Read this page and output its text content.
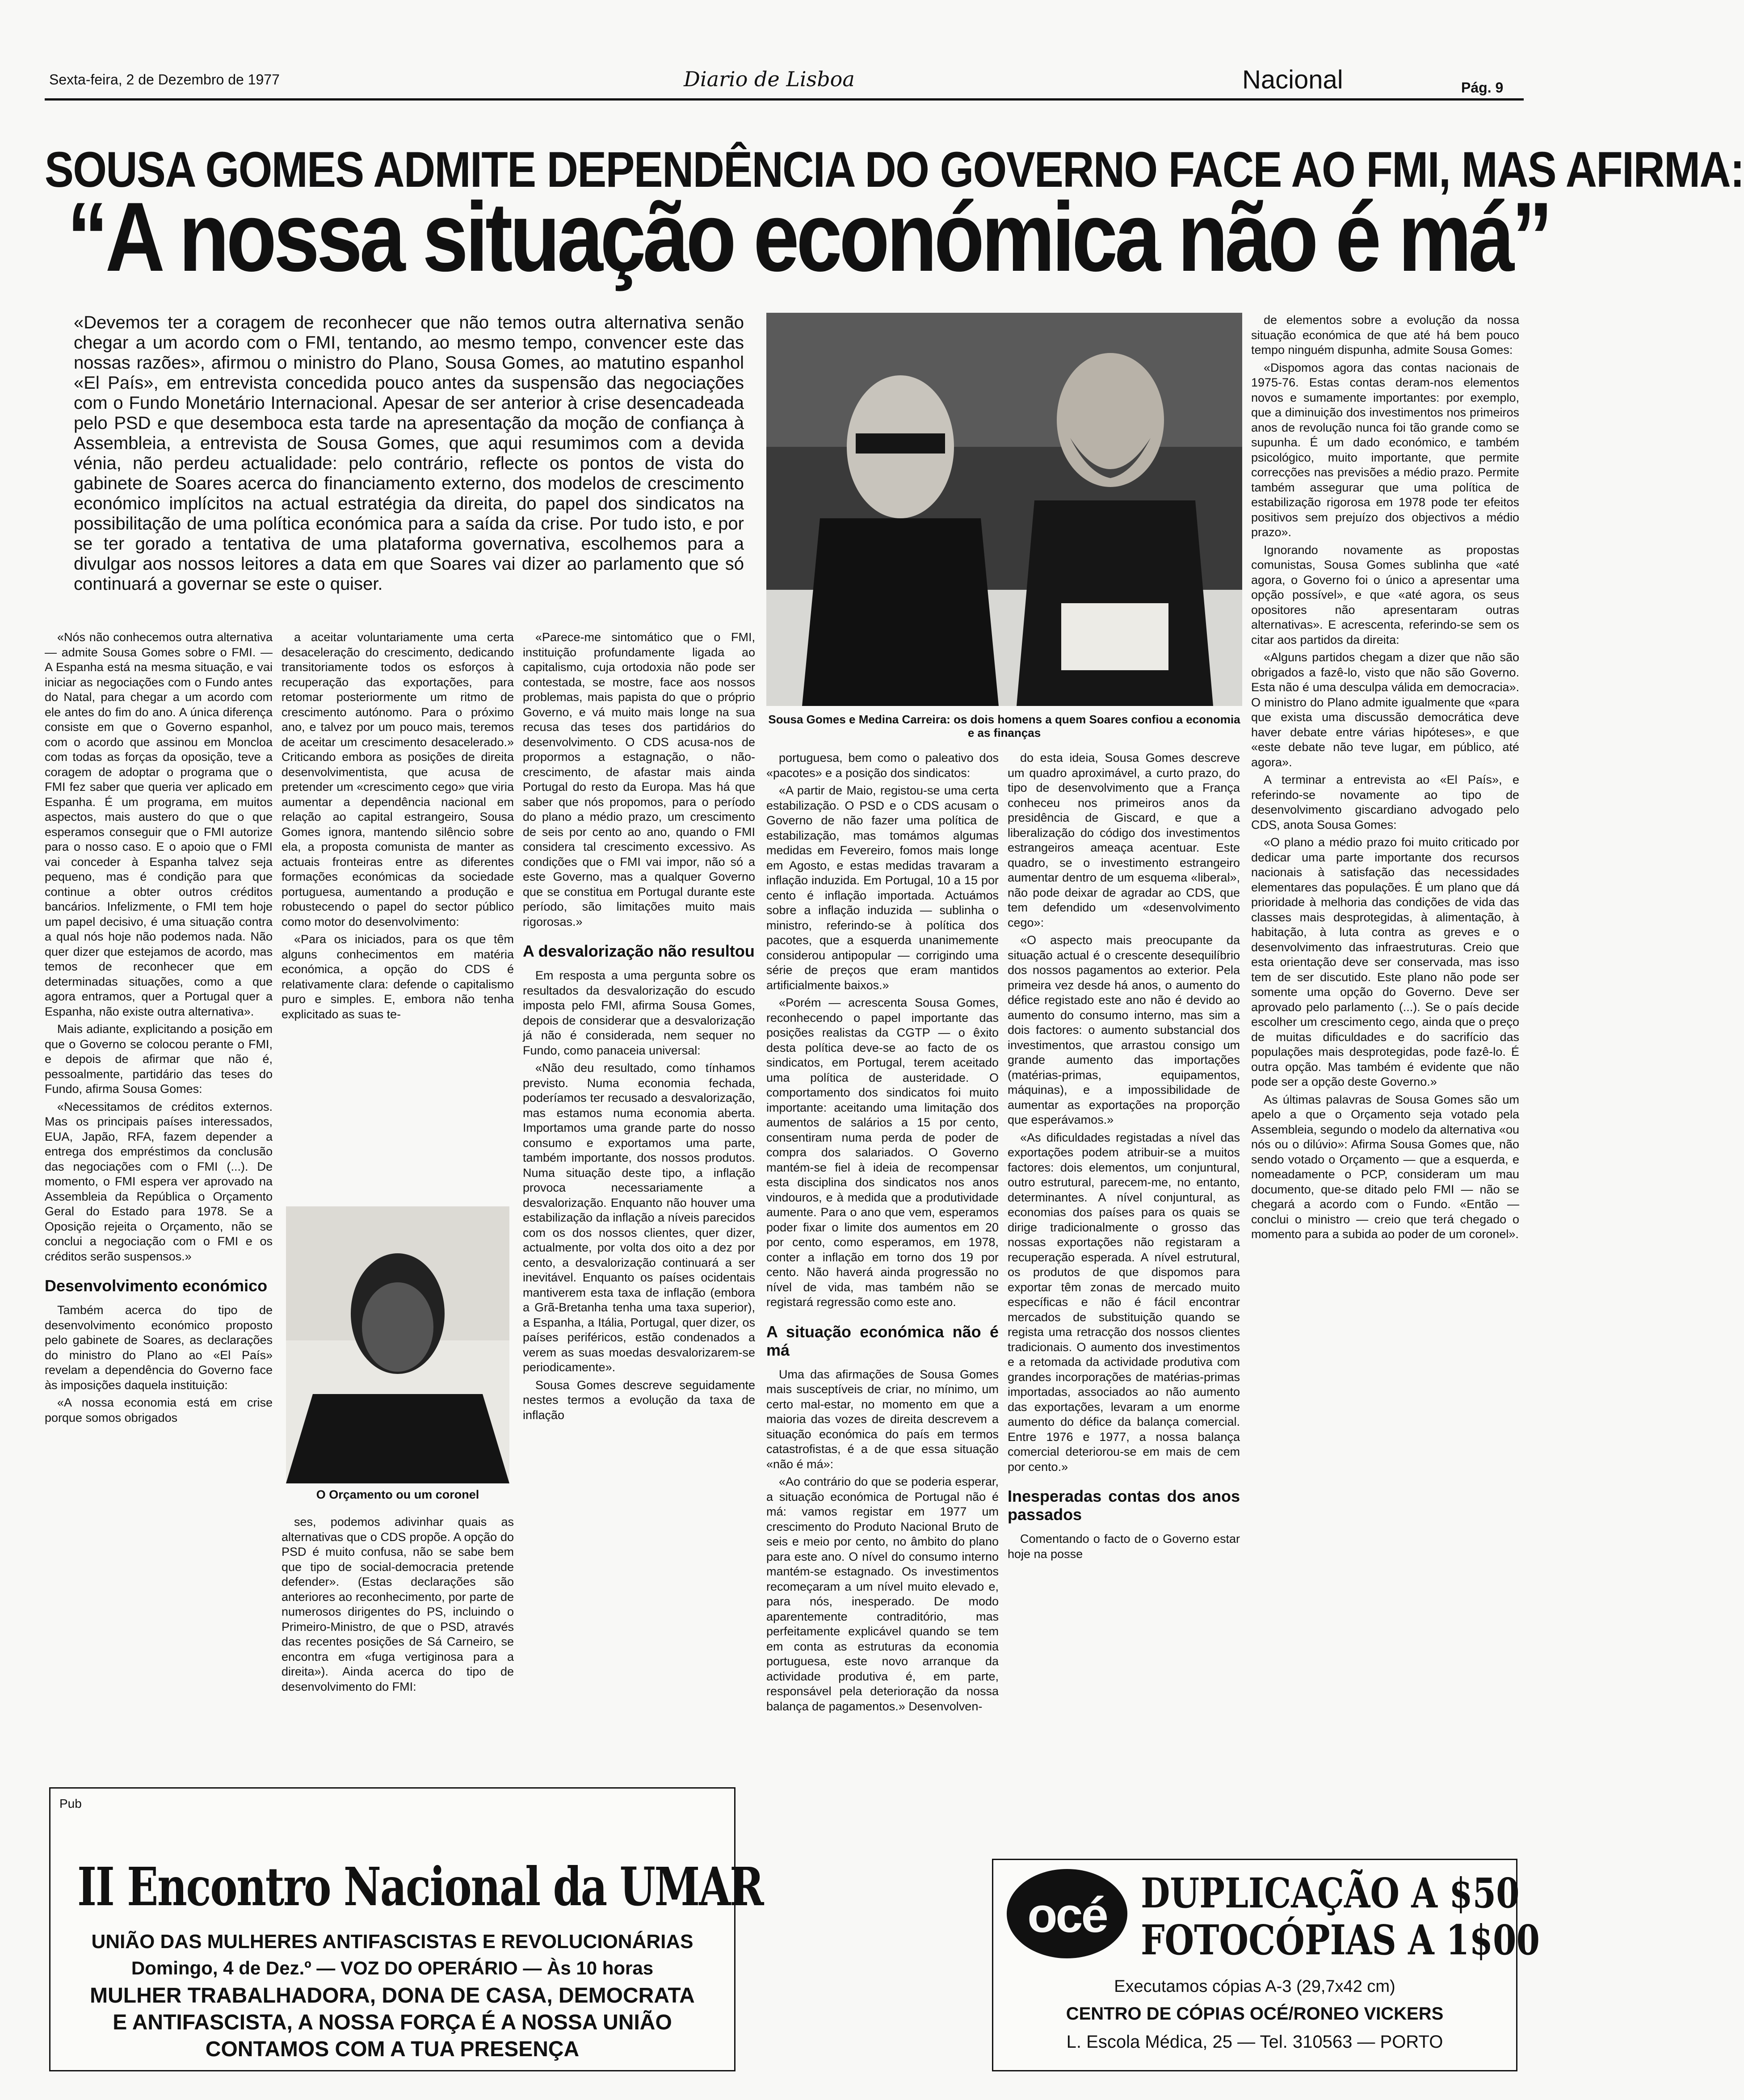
Sexta-feira, 2 de Dezembro de 1977	Diario de Lisboa	Nacional	Pág. 9
SOUSA GOMES ADMITE DEPENDÊNCIA DO GOVERNO FACE AO FMI, MAS AFIRMA:
“A nossa situação económica não é má”
«Devemos ter a coragem de reconhecer que não temos outra alternativa senão chegar a um acordo com o FMI, tentando, ao mesmo tempo, convencer este das nossas razões», afirmou o ministro do Plano, Sousa Gomes, ao matutino espanhol «El País», em entrevista concedida pouco antes da suspensão das negociações com o Fundo Monetário Internacional. Apesar de ser anterior à crise desencadeada pelo PSD e que desemboca esta tarde na apresentação da moção de confiança à Assembleia, a entrevista de Sousa Gomes, que aqui resumimos com a devida vénia, não perdeu actualidade: pelo contrário, reflecte os pontos de vista do gabinete de Soares acerca do financiamento externo, dos modelos de crescimento económico implícitos na actual estratégia da direita, do papel dos sindicatos na possibilitação de uma política económica para a saída da crise. Por tudo isto, e por se ter gorado a tentativa de uma plataforma governativa, escolhemos para a divulgar aos nossos leitores a data em que Soares vai dizer ao parlamento que só continuará a governar se este o quiser.
Sousa Gomes e Medina Carreira: os dois homens a quem Soares confiou a economia e as finanças

«Nós não conhecemos outra alternativa — admite Sousa Gomes sobre o FMI. — A Espanha está na mesma situação, e vai iniciar as negociações com o Fundo antes do Natal, para chegar a um acordo com ele antes do fim do ano. A única diferença consiste em que o Governo espanhol, com o acordo que assinou em Moncloa com todas as forças da oposição, teve a coragem de adoptar o programa que o FMI fez saber que queria ver aplicado em Espanha. É um programa, em muitos aspectos, mais austero do que o que esperamos conseguir que o FMI autorize para o nosso caso. E o apoio que o FMI vai conceder à Espanha talvez seja pequeno, mas é condição para que continue a obter outros créditos bancários. Infelizmente, o FMI tem hoje um papel decisivo, é uma situação contra a qual nós hoje não podemos nada. Não quer dizer que estejamos de acordo, mas temos de reconhecer que em determinadas situações, como a que agora entramos, quer a Portugal quer a Espanha, não existe outra alternativa».

Mais adiante, explicitando a posição em que o Governo se colocou perante o FMI, e depois de afirmar que não é, pessoalmente, partidário das teses do Fundo, afirma Sousa Gomes:

«Necessitamos de créditos externos. Mas os principais países interessados, EUA, Japão, RFA, fazem depender a entrega dos empréstimos da conclusão das negociações com o FMI (...). De momento, o FMI espera ver aprovado na Assembleia da República o Orçamento Geral do Estado para 1978. Se a Oposição rejeita o Orçamento, não se conclui a negociação com o FMI e os créditos serão suspensos.»

Desenvolvimento económico

Também acerca do tipo de desenvolvimento económico proposto pelo gabinete de Soares, as declarações do ministro do Plano ao «El País» revelam a dependência do Governo face às imposições daquela instituição:

«A nossa economia está em crise porque somos obrigados

a aceitar voluntariamente uma certa desaceleração do crescimento, dedicando transitoriamente todos os esforços à recuperação das exportações, para retomar posteriormente um ritmo de crescimento autónomo. Para o próximo ano, e talvez por um pouco mais, teremos de aceitar um crescimento desacelerado.» Criticando embora as posições de direita desenvolvimentista, que acusa de pretender um «crescimento cego» que viria aumentar a dependência nacional em relação ao capital estrangeiro, Sousa Gomes ignora, mantendo silêncio sobre ela, a proposta comunista de manter as actuais fronteiras entre as diferentes formações económicas da sociedade portuguesa, aumentando a produção e robustecendo o papel do sector público como motor do desenvolvimento:

«Para os iniciados, para os que têm alguns conhecimentos em matéria económica, a opção do CDS é relativamente clara: defende o capitalismo puro e simples. E, embora não tenha explicitado as suas te-

O Orçamento ou um coronel

ses, podemos adivinhar quais as alternativas que o CDS propõe. A opção do PSD é muito confusa, não se sabe bem que tipo de social-democracia pretende defender». (Estas declarações são anteriores ao reconhecimento, por parte de numerosos dirigentes do PS, incluindo o Primeiro-Ministro, de que o PSD, através das recentes posições de Sá Carneiro, se encontra em «fuga vertiginosa para a direita»). Ainda acerca do tipo de desenvolvimento do FMI:

«Parece-me sintomático que o FMI, instituição profundamente ligada ao capitalismo, cuja ortodoxia não pode ser contestada, se mostre, face aos nossos problemas, mais papista do que o próprio Governo, e vá muito mais longe na sua recusa das teses dos partidários do desenvolvimento. O CDS acusa-nos de propormos a estagnação, o não-crescimento, de afastar mais ainda Portugal do resto da Europa. Mas há que saber que nós propomos, para o período do plano a médio prazo, um crescimento de seis por cento ao ano, quando o FMI considera tal crescimento excessivo. As condições que o FMI vai impor, não só a este Governo, mas a qualquer Governo que se constitua em Portugal durante este período, são limitações muito mais rigorosas.»

A desvalorização não resultou

Em resposta a uma pergunta sobre os resultados da desvalorização do escudo imposta pelo FMI, afirma Sousa Gomes, depois de considerar que a desvalorização já não é considerada, nem sequer no Fundo, como panaceia universal:

«Não deu resultado, como tínhamos previsto. Numa economia fechada, poderíamos ter recusado a desvalorização, mas estamos numa economia aberta. Importamos uma grande parte do nosso consumo e exportamos uma parte, também importante, dos nossos produtos. Numa situação deste tipo, a inflação provoca necessariamente a desvalorização. Enquanto não houver uma estabilização da inflação a níveis parecidos com os dos nossos clientes, quer dizer, actualmente, por volta dos oito a dez por cento, a desvalorização continuará a ser inevitável. Enquanto os países ocidentais mantiverem esta taxa de inflação (embora a Grã-Bretanha tenha uma taxa superior), a Espanha, a Itália, Portugal, quer dizer, os países periféricos, estão condenados a verem as suas moedas desvalorizarem-se periodicamente».

Sousa Gomes descreve seguidamente nestes termos a evolução da taxa de inflação

portuguesa, bem como o paleativo dos «pacotes» e a posição dos sindicatos:

«A partir de Maio, registou-se uma certa estabilização. O PSD e o CDS acusam o Governo de não fazer uma política de estabilização, mas tomámos algumas medidas em Fevereiro, fomos mais longe em Agosto, e estas medidas travaram a inflação induzida. Em Portugal, 10 a 15 por cento é inflação importada. Actuámos sobre a inflação induzida — sublinha o ministro, referindo-se à política dos pacotes, que a esquerda unanimemente considerou antipopular — corrigindo uma série de preços que eram mantidos artificialmente baixos.»

«Porém — acrescenta Sousa Gomes, reconhecendo o papel importante das posições realistas da CGTP — o êxito desta política deve-se ao facto de os sindicatos, em Portugal, terem aceitado uma política de austeridade. O comportamento dos sindicatos foi muito importante: aceitando uma limitação dos aumentos de salários a 15 por cento, consentiram numa perda de poder de compra dos salariados. O Governo mantém-se fiel à ideia de recompensar esta disciplina dos sindicatos nos anos vindouros, e à medida que a produtividade aumente. Para o ano que vem, esperamos poder fixar o limite dos aumentos em 20 por cento, como esperamos, em 1978, conter a inflação em torno dos 19 por cento. Não haverá ainda progressão no nível de vida, mas também não se registará regressão como este ano.

A situação económica não é má

Uma das afirmações de Sousa Gomes mais susceptíveis de criar, no mínimo, um certo mal-estar, no momento em que a maioria das vozes de direita descrevem a situação económica do país em termos catastrofistas, é a de que essa situação «não é má»:

«Ao contrário do que se poderia esperar, a situação económica de Portugal não é má: vamos registar em 1977 um crescimento do Produto Nacional Bruto de seis e meio por cento, no âmbito do plano para este ano. O nível do consumo interno mantém-se estagnado. Os investimentos recomeçaram a um nível muito elevado e, para nós, inesperado. De modo aparentemente contraditório, mas perfeitamente explicável quando se tem em conta as estruturas da economia portuguesa, este novo arranque da actividade produtiva é, em parte, responsável pela deterioração da nossa balança de pagamentos.» Desenvolven-

do esta ideia, Sousa Gomes descreve um quadro aproximável, a curto prazo, do tipo de desenvolvimento que a França conheceu nos primeiros anos da presidência de Giscard, e que a liberalização do código dos investimentos estrangeiros ameaça acentuar. Este quadro, se o investimento estrangeiro aumentar dentro de um esquema «liberal», não pode deixar de agradar ao CDS, que tem defendido um «desenvolvimento cego»:

«O aspecto mais preocupante da situação actual é o crescente desequilíbrio dos nossos pagamentos ao exterior. Pela primeira vez desde há anos, o aumento do défice registado este ano não é devido ao aumento do consumo interno, mas sim a dois factores: o aumento substancial dos investimentos, que arrastou consigo um grande aumento das importações (matérias-primas, equipamentos, máquinas), e a impossibilidade de aumentar as exportações na proporção que esperávamos.»

«As dificuldades registadas a nível das exportações podem atribuir-se a muitos factores: dois elementos, um conjuntural, outro estrutural, parecem-me, no entanto, determinantes. A nível conjuntural, as economias dos países para os quais se dirige tradicionalmente o grosso das nossas exportações não registaram a recuperação esperada. A nível estrutural, os produtos de que dispomos para exportar têm zonas de mercado muito específicas e não é fácil encontrar mercados de substituição quando se regista uma retracção dos nossos clientes tradicionais. O aumento dos investimentos e a retomada da actividade produtiva com grandes incorporações de matérias-primas importadas, associados ao não aumento das exportações, levaram a um enorme aumento do défice da balança comercial. Entre 1976 e 1977, a nossa balança comercial deteriorou-se em mais de cem por cento.»

Inesperadas contas dos anos passados

Comentando o facto de o Governo estar hoje na posse

de elementos sobre a evolução da nossa situação económica de que até há bem pouco tempo ninguém dispunha, admite Sousa Gomes:

«Dispomos agora das contas nacionais de 1975-76. Estas contas deram-nos elementos novos e sumamente importantes: por exemplo, que a diminuição dos investimentos nos primeiros anos de revolução nunca foi tão grande como se supunha. É um dado económico, e também psicológico, muito importante, que permite correcções nas previsões a médio prazo. Permite também assegurar que uma política de estabilização rigorosa em 1978 pode ter efeitos positivos sem prejuízo dos objectivos a médio prazo».

Ignorando novamente as propostas comunistas, Sousa Gomes sublinha que «até agora, o Governo foi o único a apresentar uma opção possível», e que «até agora, os seus opositores não apresentaram outras alternativas». E acrescenta, referindo-se sem os citar aos partidos da direita:

«Alguns partidos chegam a dizer que não são obrigados a fazê-lo, visto que não são Governo. Esta não é uma desculpa válida em democracia». O ministro do Plano admite igualmente que «para que exista uma discussão democrática deve haver debate entre várias hipóteses», e que «este debate não teve lugar, em público, até agora».

A terminar a entrevista ao «El País», e referindo-se novamente ao tipo de desenvolvimento giscardiano advogado pelo CDS, anota Sousa Gomes:

«O plano a médio prazo foi muito criticado por dedicar uma parte importante dos recursos nacionais à satisfação das necessidades elementares das populações. É um plano que dá prioridade à melhoria das condições de vida das classes mais desprotegidas, à alimentação, à habitação, à luta contra as greves e o desenvolvimento das infraestruturas. Creio que esta orientação deve ser conservada, mas isso tem de ser discutido. Este plano não pode ser somente uma opção do Governo. Deve ser aprovado pelo parlamento (...). Se o país decide escolher um crescimento cego, ainda que o preço de muitas dificuldades e do sacrifício das populações mais desprotegidas, pode fazê-lo. É outra opção. Mas também é evidente que não pode ser a opção deste Governo.»

As últimas palavras de Sousa Gomes são um apelo a que o Orçamento seja votado pela Assembleia, segundo o modelo da alternativa «ou nós ou o dilúvio»: Afirma Sousa Gomes que, não sendo votado o Orçamento — que a esquerda, e nomeadamente o PCP, consideram um mau documento, que-se ditado pelo FMI — não se chegará a acordo com o Fundo. «Então — conclui o ministro — creio que terá chegado o momento para a subida ao poder de um coronel».

Pub
II Encontro Nacional da UMAR
UNIÃO DAS MULHERES ANTIFASCISTAS E REVOLUCIONÁRIAS
Domingo, 4 de Dez.º — VOZ DO OPERÁRIO — Às 10 horas
MULHER TRABALHADORA, DONA DE CASA, DEMOCRATA
E ANTIFASCISTA, A NOSSA FORÇA É A NOSSA UNIÃO
CONTAMOS COM A TUA PRESENÇA
océ DUPLICAÇÃO A $50
FOTOCÓPIAS A 1$00
Executamos cópias A-3 (29,7x42 cm)
CENTRO DE CÓPIAS OCÉ/RONEO VICKERS
L. Escola Médica, 25 — Tel. 310563 — PORTO
